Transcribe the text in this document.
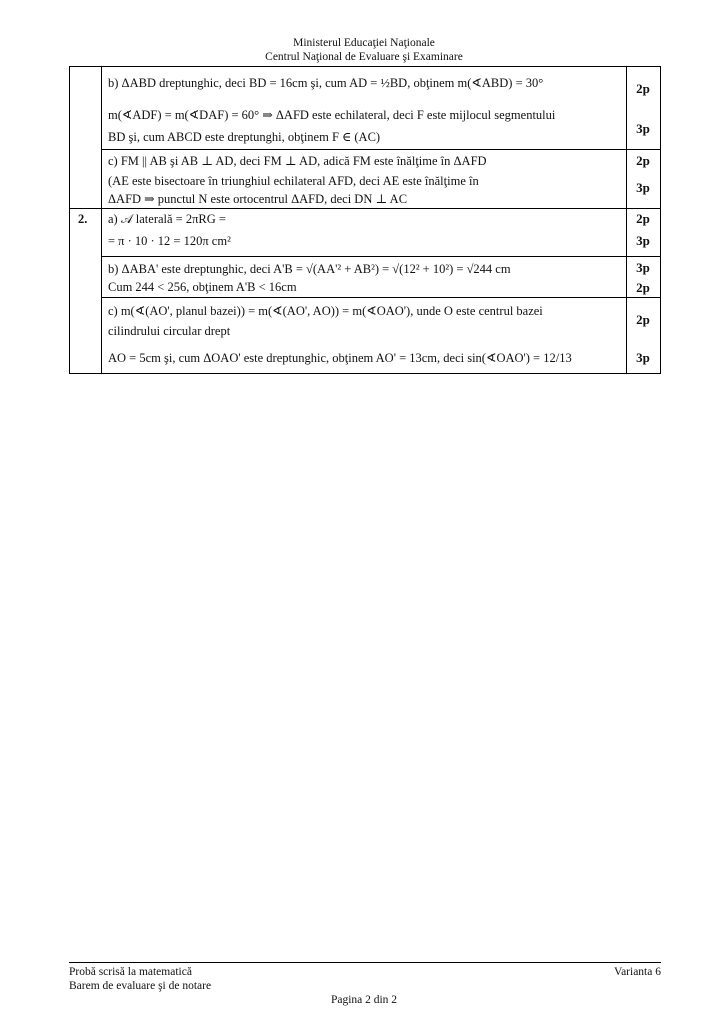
Ministerul Educaţiei Naţionale
Centrul Naţional de Evaluare şi Examinare
b) ΔABD dreptunghic, deci BD = 16cm şi, cum AD = ½BD, obţinem m(∢ABD) = 30°
m(∢ADF) = m(∢DAF) = 60° ⇒ ΔAFD este echilateral, deci F este mijlocul segmentului
BD şi, cum ABCD este dreptunghi, obţinem F ∈ (AC)
c) FM || AB şi AB ⊥ AD, deci FM ⊥ AD, adică FM este înălţime în ΔAFD
(AE este bisectoare în triunghiul echilateral AFD, deci AE este înălţime în
ΔAFD ⇒ punctul N este ortocentrul ΔAFD, deci DN ⊥ AC
2. a) 𝒜 laterală = 2πRG =
= π · 10 · 12 = 120π cm²
b) ΔABA' este dreptunghic, deci A'B = √(AA'² + AB²) = √(12² + 10²) = √244 cm
Cum 244 < 256, obţinem A'B < 16cm
c) m(∢(AO', planul bazei)) = m(∢(AO', AO)) = m(∢OAO'), unde O este centrul bazei
cilindrului circular drept
AO = 5cm şi, cum ΔOAO' este dreptunghic, obţinem AO' = 13cm, deci sin(∢OAO') = 12/13
2p
3p
2p
3p
2p
3p
3p
2p
2p
3p
Probă scrisă la matematică
Barem de evaluare şi de notare
Varianta 6
Pagina 2 din 2
